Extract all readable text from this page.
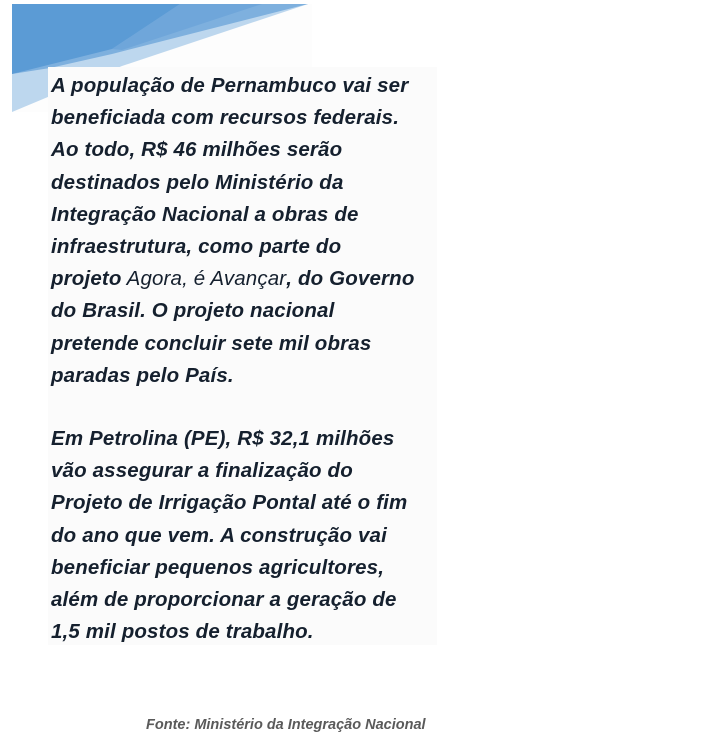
A população de Pernambuco vai ser
beneficiada com recursos federais.
Ao todo, R$ 46 milhões serão
destinados pelo Ministério da
Integração Nacional a obras de
infraestrutura, como parte do
projeto Agora, é Avançar, do Governo
do Brasil. O projeto nacional
pretende concluir sete mil obras
paradas pelo País.

Em Petrolina (PE), R$ 32,1 milhões
vão assegurar a finalização do
Projeto de Irrigação Pontal até o fim
do ano que vem. A construção vai
beneficiar pequenos agricultores,
além de proporcionar a geração de
1,5 mil postos de trabalho.

Fonte: Ministério da Integração Nacional
